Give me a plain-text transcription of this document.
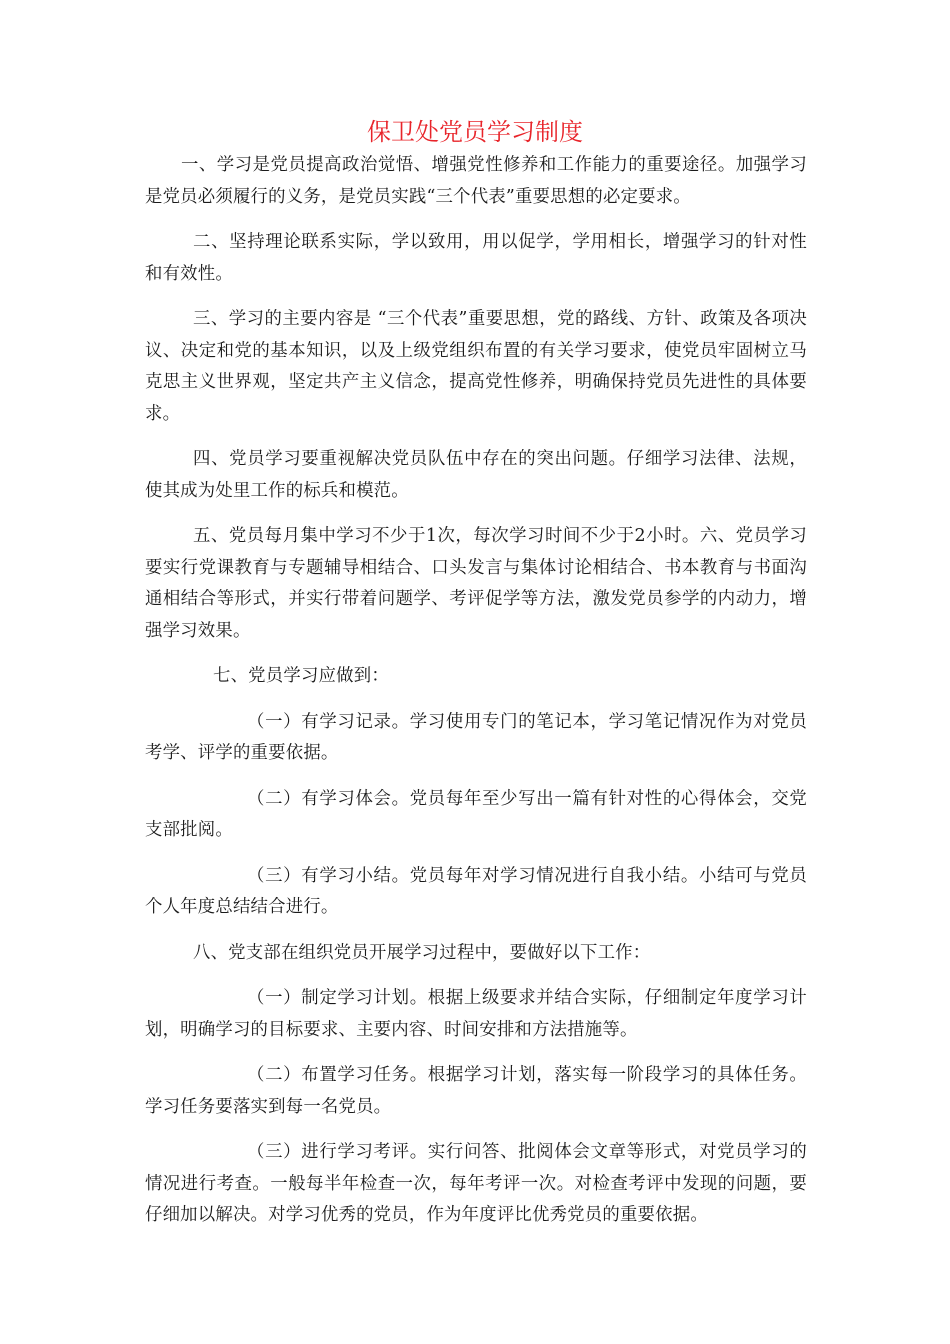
保卫处党员学习制度

一、学习是党员提高政治觉悟、增强党性修养和工作能力的重要途径。加强学习是党员必须履行的义务，是党员实践“三个代表”重要思想的必定要求。

二、坚持理论联系实际，学以致用，用以促学，学用相长，增强学习的针对性和有效性。

三、学习的主要内容是 “三个代表”重要思想，党的路线、方针、政策及各项决议、决定和党的基本知识，以及上级党组织布置的有关学习要求，使党员牢固树立马克思主义世界观，坚定共产主义信念，提高党性修养，明确保持党员先进性的具体要求。

四、党员学习要重视解决党员队伍中存在的突出问题。仔细学习法律、法规，使其成为处里工作的标兵和模范。

五、党员每月集中学习不少于1次，每次学习时间不少于2小时。六、党员学习要实行党课教育与专题辅导相结合、口头发言与集体讨论相结合、书本教育与书面沟通相结合等形式，并实行带着问题学、考评促学等方法，激发党员参学的内动力，增强学习效果。

七、党员学习应做到：

（一）有学习记录。学习使用专门的笔记本，学习笔记情况作为对党员考学、评学的重要依据。

（二）有学习体会。党员每年至少写出一篇有针对性的心得体会，交党支部批阅。

（三）有学习小结。党员每年对学习情况进行自我小结。小结可与党员个人年度总结结合进行。

八、党支部在组织党员开展学习过程中，要做好以下工作：

（一）制定学习计划。根据上级要求并结合实际，仔细制定年度学习计划，明确学习的目标要求、主要内容、时间安排和方法措施等。

（二）布置学习任务。根据学习计划，落实每一阶段学习的具体任务。学习任务要落实到每一名党员。

（三）进行学习考评。实行问答、批阅体会文章等形式，对党员学习的情况进行考查。一般每半年检查一次，每年考评一次。对检查考评中发现的问题，要仔细加以解决。对学习优秀的党员，作为年度评比优秀党员的重要依据。
